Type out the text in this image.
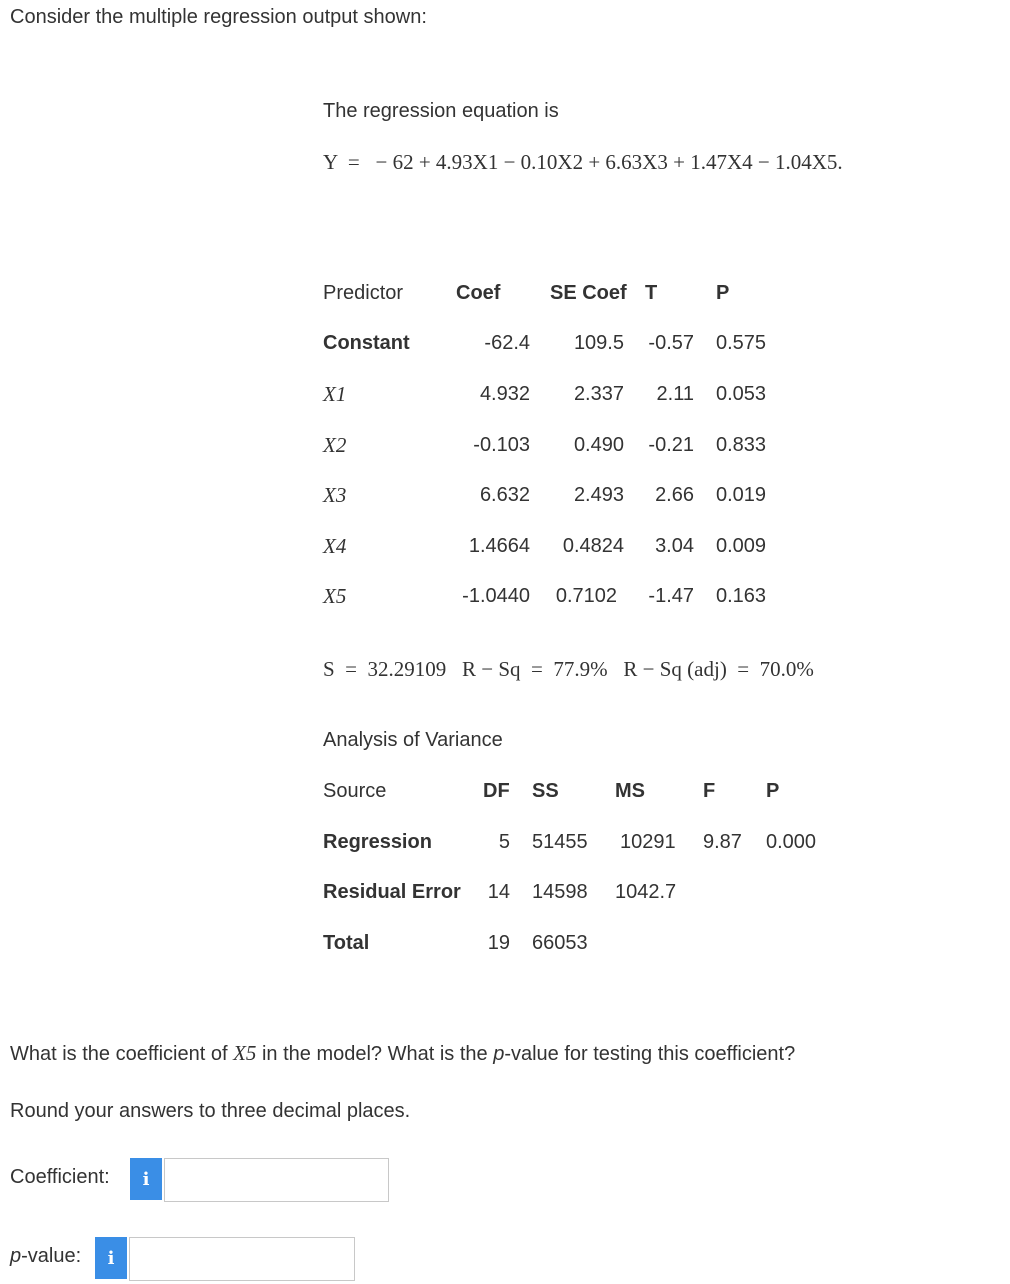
Consider the multiple regression output shown:
The regression equation is
Y  =   − 62 + 4.93X1 − 0.10X2 + 6.63X3 + 1.47X4 − 1.04X5.
Predictor	Coef SE Coef T	P
Constant	-62.4	109.5	-0.57 0.575
X1	4.932	2.337	2.11 0.053
X2	-0.103	0.490	-0.21 0.833
X3	6.632	2.493	2.66 0.019
X4	1.4664	0.4824	3.04 0.009
X5	-1.0440	0.7102	-1.47 0.163
S  =  32.29109   R − Sq  =  77.9%   R − Sq (adj)  =  70.0%
Analysis of Variance
Source	DF SS	MS	F	P
Regression	5 51455 10291 9.87 0.000
Residual Error	14 14598 1042.7
Total	19 66053
What is the coefficient of X5 in the model? What is the p-value for testing this coefficient?
Round your answers to three decimal places.
Coefficient:	i
p-value:	i
